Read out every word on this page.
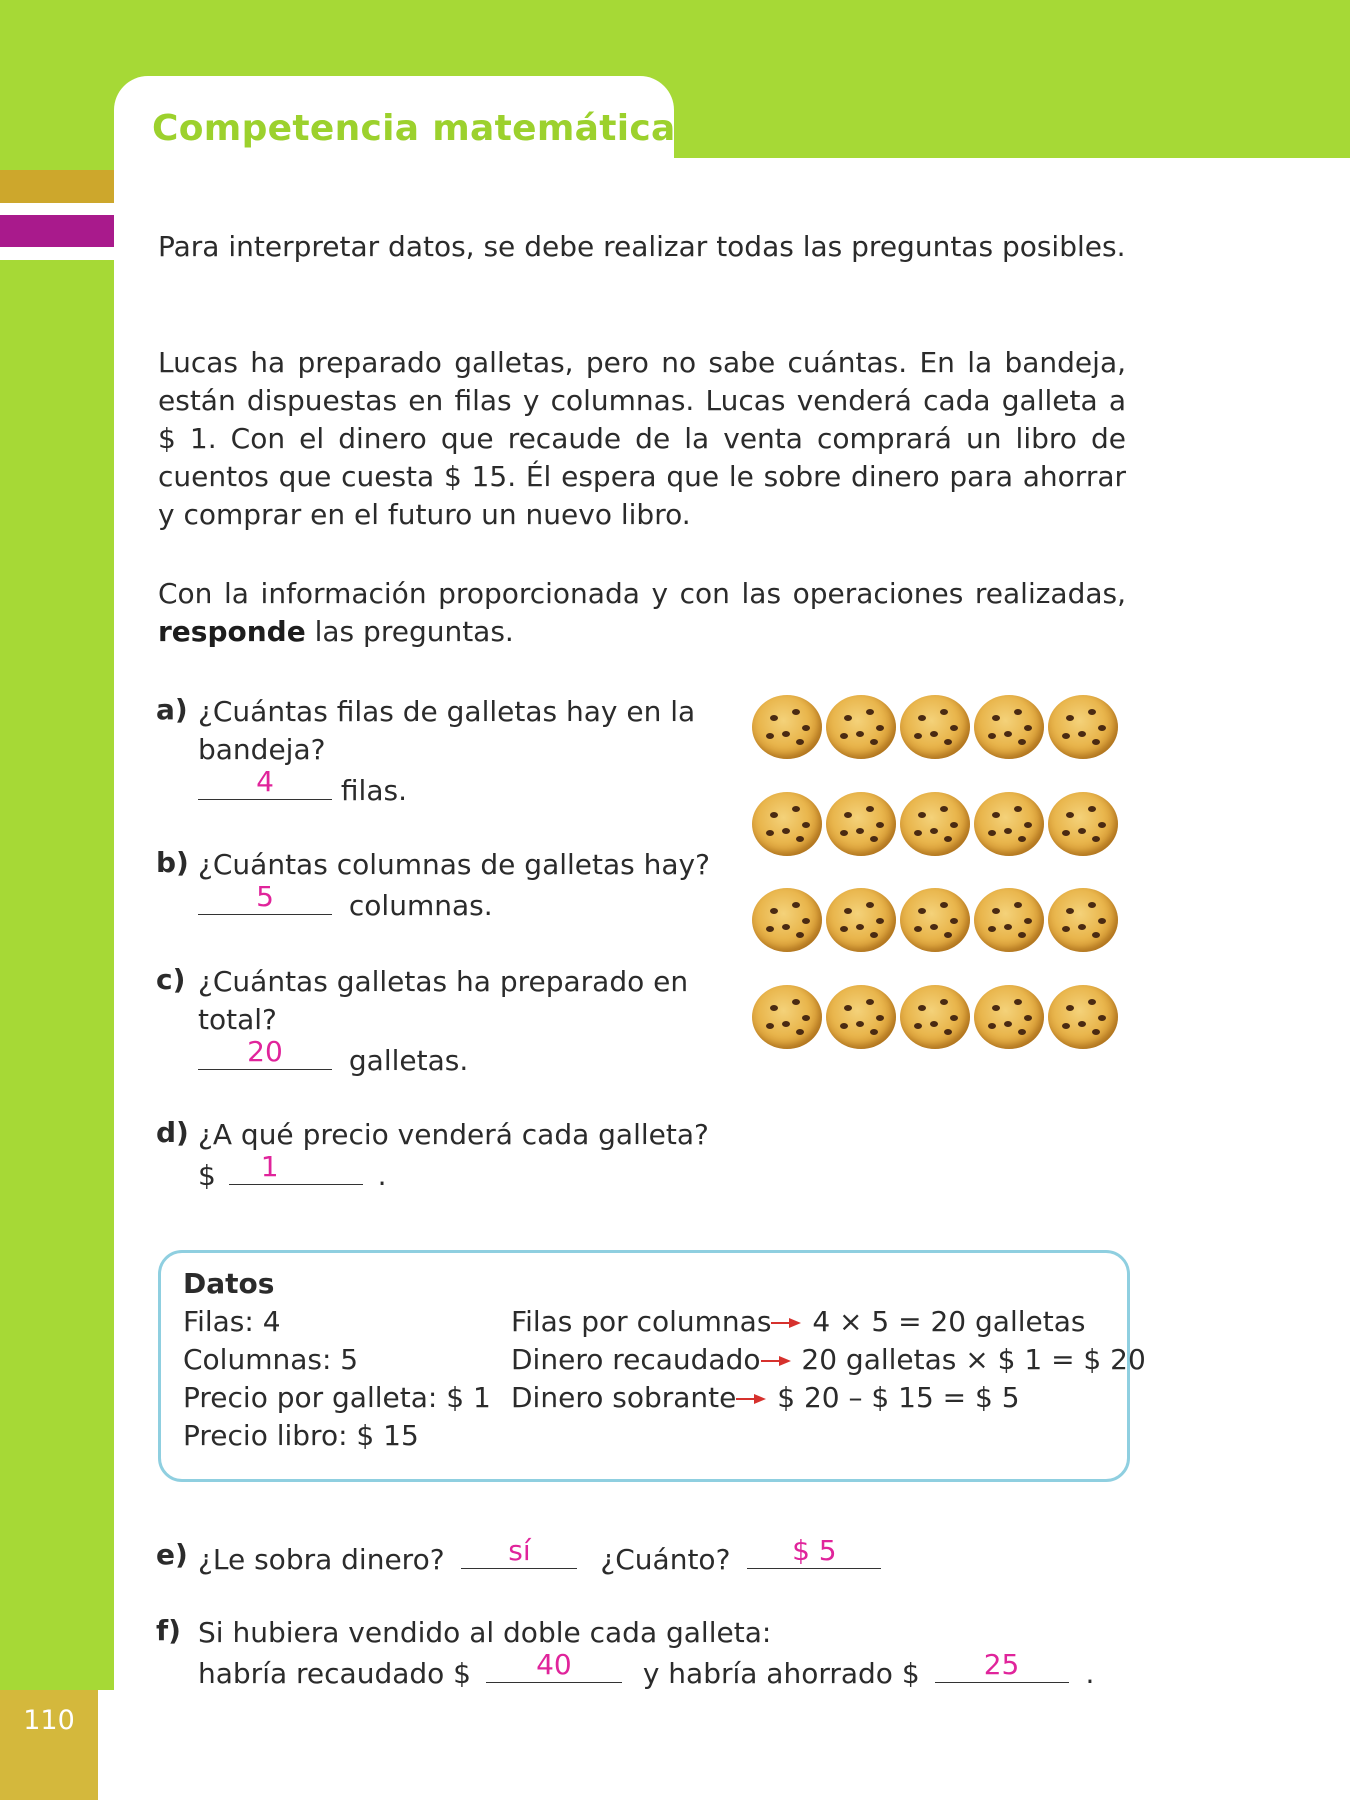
Competencia matemática
110
Para interpretar datos, se debe realizar todas las preguntas posibles.
Lucas ha preparado galletas, pero no sabe cuántas. En la bandeja, están dispuestas en filas y columnas. Lucas venderá cada galleta a $ 1. Con el dinero que recaude de la venta comprará un libro de cuentos que cuesta $ 15. Él espera que le sobre dinero para ahorrar y comprar en el futuro un nuevo libro.
Con la información proporcionada y con las operaciones realizadas, responde las preguntas.
a) ¿Cuántas filas de galletas hay en la
bandeja?
4	filas.
b) ¿Cuántas columnas de galletas hay?
5	columnas.
c) ¿Cuántas galletas ha preparado en
total?
20	galletas.
d) ¿A qué precio venderá cada galleta?
$ 1	.
Datos
Filas: 4
Columnas: 5
Precio por galleta: $ 1
Precio libro: $ 15
Filas por columnas 4 × 5 = 20 galletas
Dinero recaudado 20 galletas × $ 1 = $ 20
Dinero sobrante $ 20 – $ 15 = $ 5
e) ¿Le sobra dinero?	sí	¿Cuánto?	$ 5
f) Si hubiera vendido al doble cada galleta:
habría recaudado $	40	y habría ahorrado $	25	.
